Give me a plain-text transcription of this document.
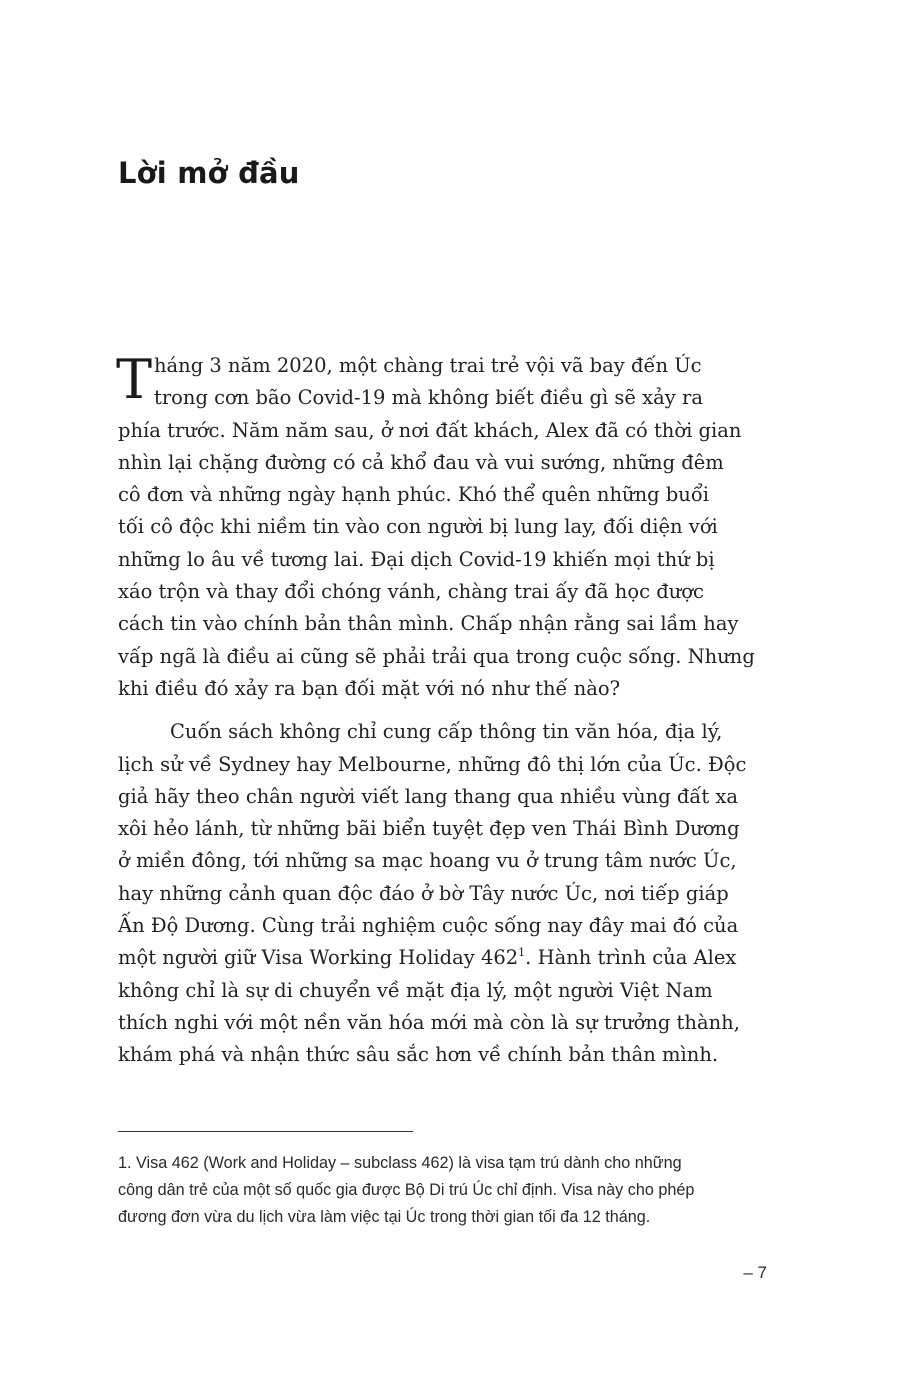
Lời mở đầu
T háng 3 năm 2020, một chàng trai trẻ vội vã bay đến Úc
trong cơn bão Covid-19 mà không biết điều gì sẽ xảy ra
phía trước. Năm năm sau, ở nơi đất khách, Alex đã có thời gian
nhìn lại chặng đường có cả khổ đau và vui sướng, những đêm
cô đơn và những ngày hạnh phúc. Khó thể quên những buổi
tối cô độc khi niềm tin vào con người bị lung lay, đối diện với
những lo âu về tương lai. Đại dịch Covid-19 khiến mọi thứ bị
xáo trộn và thay đổi chóng vánh, chàng trai ấy đã học được
cách tin vào chính bản thân mình. Chấp nhận rằng sai lầm hay
vấp ngã là điều ai cũng sẽ phải trải qua trong cuộc sống. Nhưng
khi điều đó xảy ra bạn đối mặt với nó như thế nào?
Cuốn sách không chỉ cung cấp thông tin văn hóa, địa lý,
lịch sử về Sydney hay Melbourne, những đô thị lớn của Úc. Độc
giả hãy theo chân người viết lang thang qua nhiều vùng đất xa
xôi hẻo lánh, từ những bãi biển tuyệt đẹp ven Thái Bình Dương
ở miền đông, tới những sa mạc hoang vu ở trung tâm nước Úc,
hay những cảnh quan độc đáo ở bờ Tây nước Úc, nơi tiếp giáp
Ấn Độ Dương. Cùng trải nghiệm cuộc sống nay đây mai đó của
một người giữ Visa Working Holiday $462^1$. Hành trình của Alex
không chỉ là sự di chuyển về mặt địa lý, một người Việt Nam
thích nghi với một nền văn hóa mới mà còn là sự trưởng thành,
khám phá và nhận thức sâu sắc hơn về chính bản thân mình.
1. Visa 462 (Work and Holiday – subclass 462) là visa tạm trú dành cho những
công dân trẻ của một số quốc gia được Bộ Di trú Úc chỉ định. Visa này cho phép
đương đơn vừa du lịch vừa làm việc tại Úc trong thời gian tối đa 12 tháng.
– 7
